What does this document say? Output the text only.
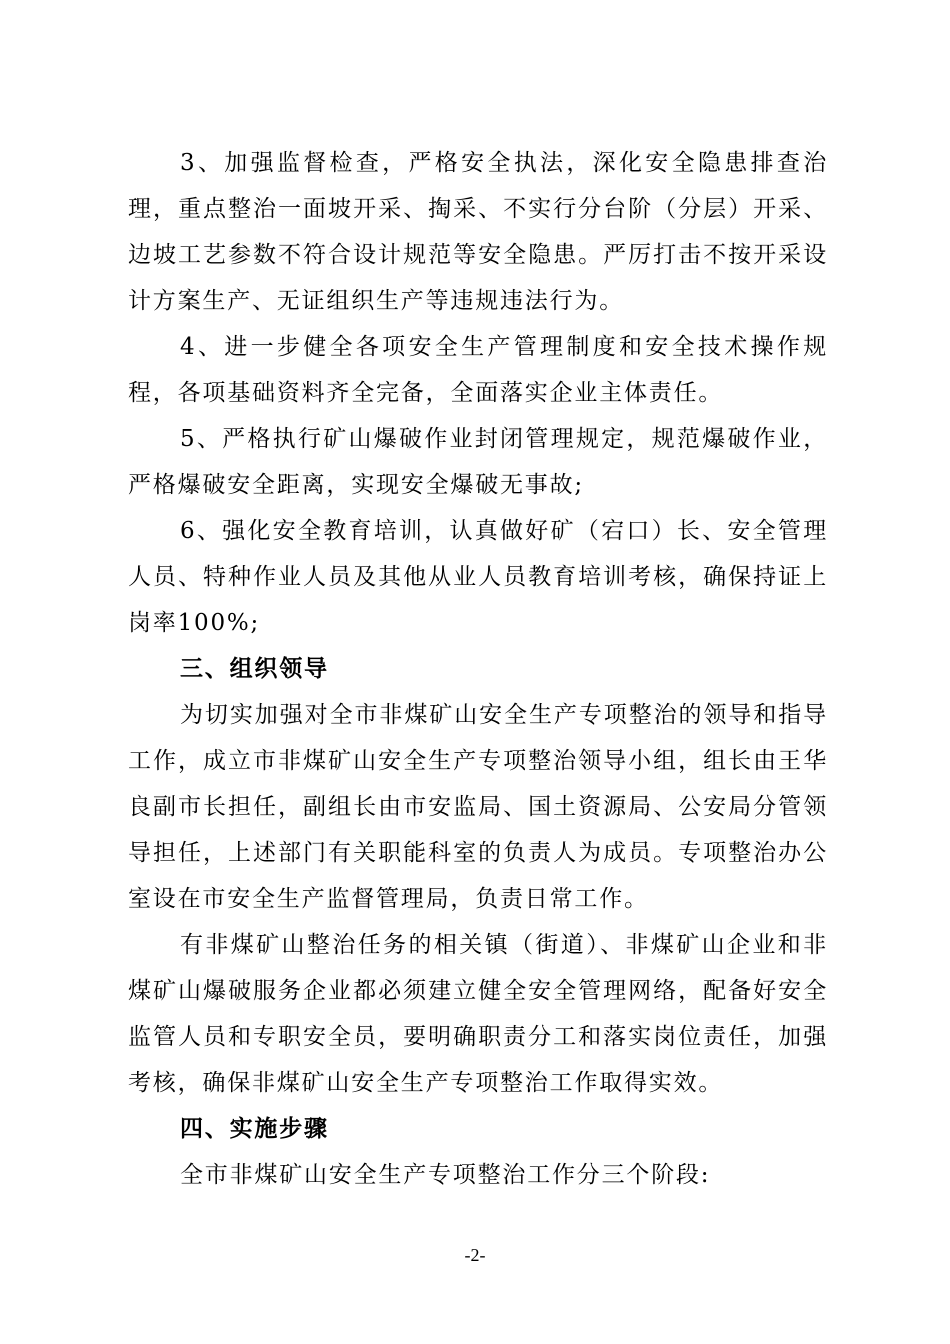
3、加强监督检查，严格安全执法，深化安全隐患排查治理，重点整治一面坡开采、掏采、不实行分台阶（分层）开采、边坡工艺参数不符合设计规范等安全隐患。严厉打击不按开采设计方案生产、无证组织生产等违规违法行为。

4、进一步健全各项安全生产管理制度和安全技术操作规程，各项基础资料齐全完备，全面落实企业主体责任。

5、严格执行矿山爆破作业封闭管理规定，规范爆破作业，严格爆破安全距离，实现安全爆破无事故;

6、强化安全教育培训，认真做好矿（宕口）长、安全管理人员、特种作业人员及其他从业人员教育培训考核，确保持证上岗率100%;

三、组织领导

为切实加强对全市非煤矿山安全生产专项整治的领导和指导工作，成立市非煤矿山安全生产专项整治领导小组，组长由王华良副市长担任，副组长由市安监局、国土资源局、公安局分管领导担任，上述部门有关职能科室的负责人为成员。专项整治办公室设在市安全生产监督管理局，负责日常工作。

有非煤矿山整治任务的相关镇（街道）、非煤矿山企业和非煤矿山爆破服务企业都必须建立健全安全管理网络，配备好安全监管人员和专职安全员，要明确职责分工和落实岗位责任，加强考核，确保非煤矿山安全生产专项整治工作取得实效。

四、实施步骤

全市非煤矿山安全生产专项整治工作分三个阶段:

-2-
